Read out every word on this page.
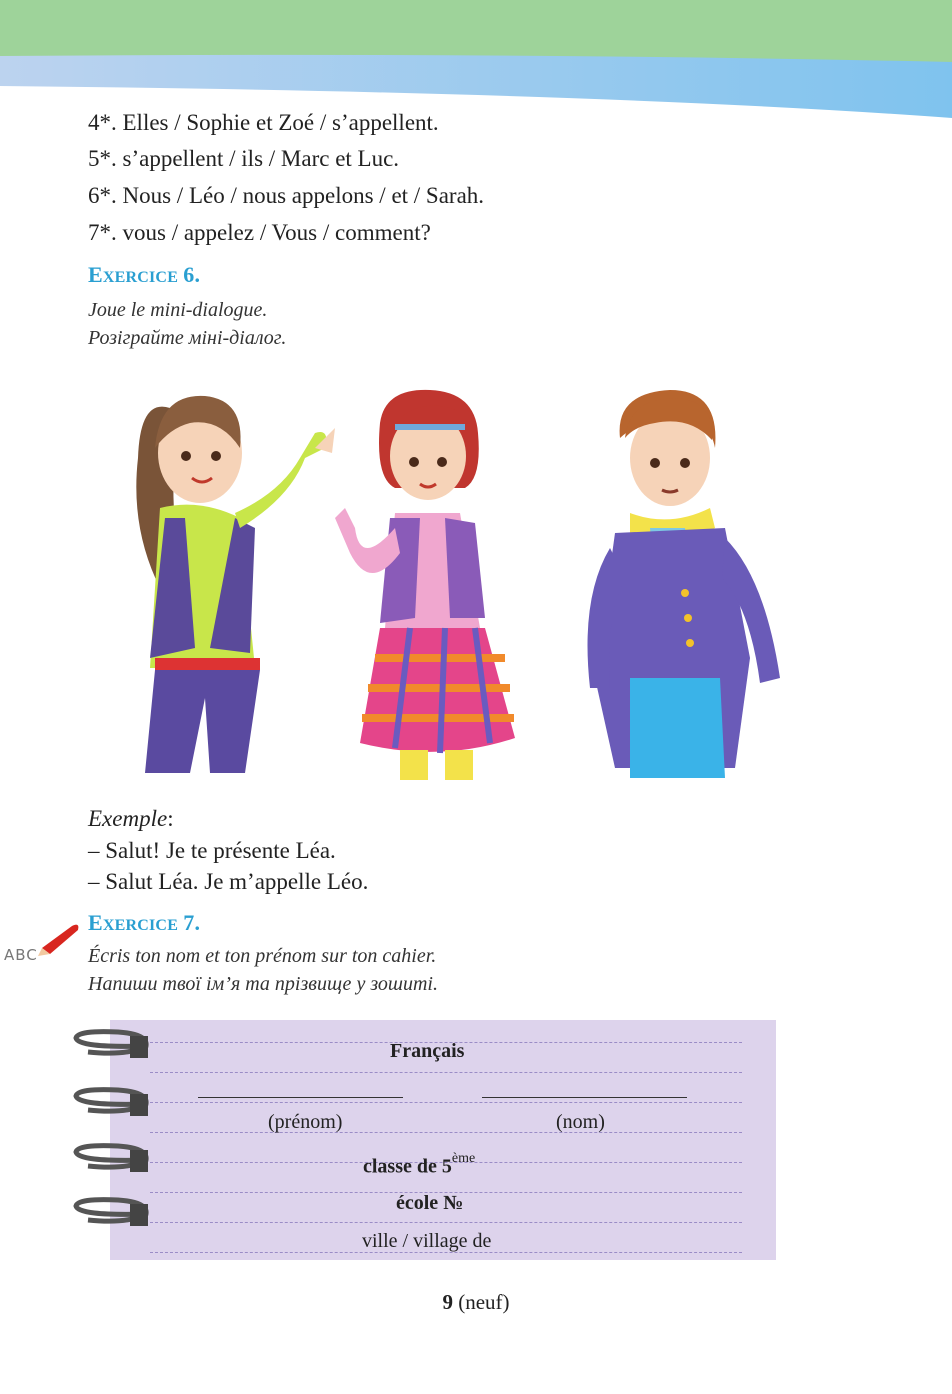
4*. Elles / Sophie et Zoé / s’appellent.
5*. s’appellent / ils / Marc et Luc.
6*. Nous / Léo / nous appelons / et / Sarah.
7*. vous / appelez / Vous / comment?
EXERCICE 6.
Joue le mini-dialogue.
Розіграйте міні-діалог.
Exemple:
– Salut! Je te présente Léa.
– Salut Léa. Je m’appelle Léo.
EXERCICE 7.
ABC	Écris ton nom et ton prénom sur ton cahier.
Напиши твої ім’я та прізвище у зошиті.
Français
(prénom)	(nom)
classe de 5ème
école №
ville / village de
9 (neuf)
